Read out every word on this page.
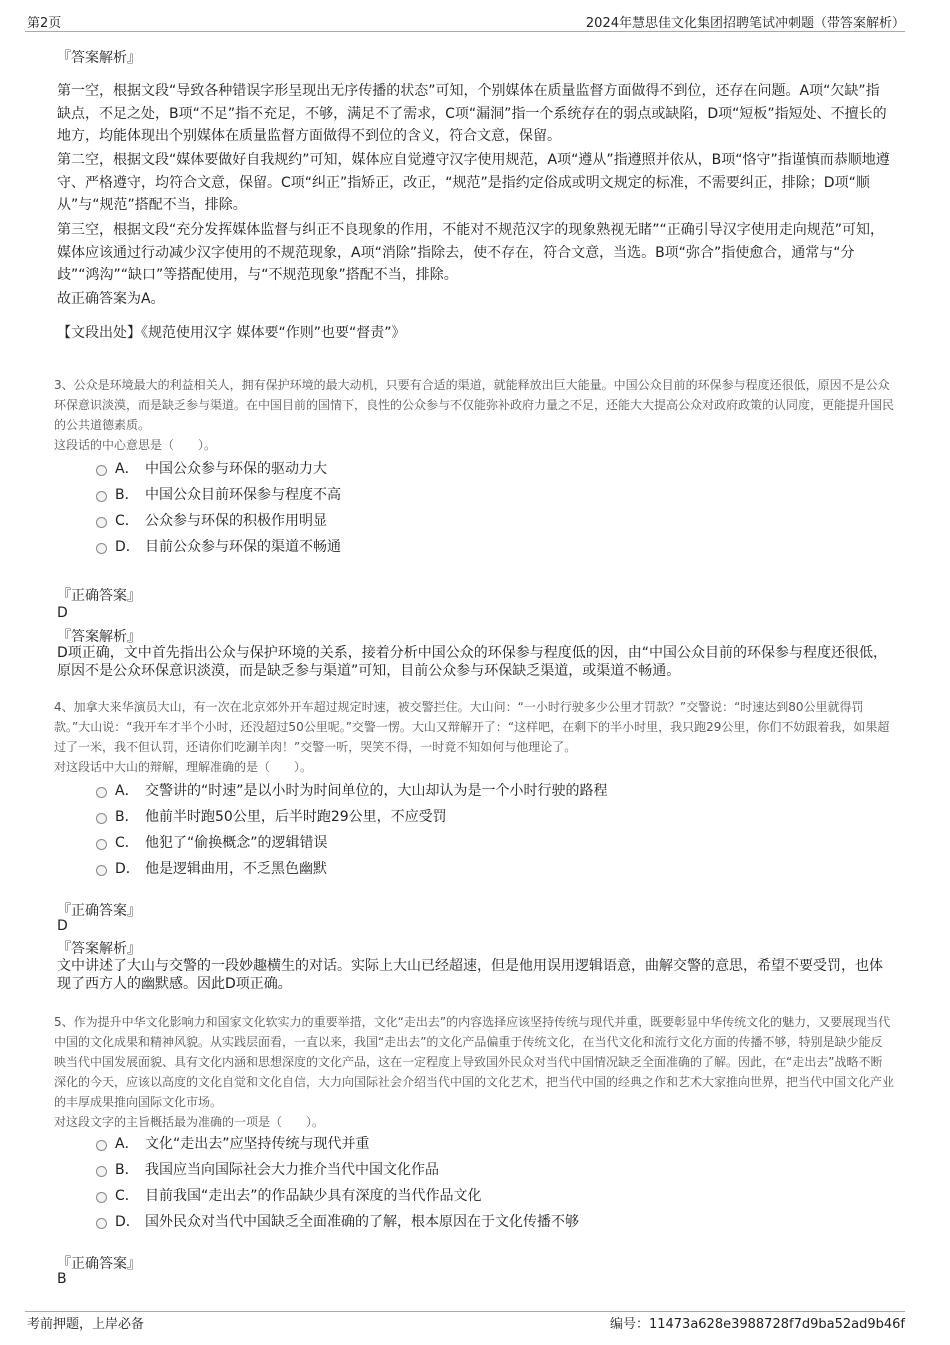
第2页	2024年慧思佳文化集团招聘笔试冲刺题（带答案解析）
『答案解析』
第一空，根据文段“导致各种错误字形呈现出无序传播的状态”可知，个别媒体在质量监督方面做得不到位，还存在问题。A项“欠缺”指缺点，不足之处，B项“不足”指不充足，不够，满足不了需求，C项“漏洞”指一个系统存在的弱点或缺陷，D项“短板”指短处、不擅长的地方，均能体现出个别媒体在质量监督方面做得不到位的含义，符合文意，保留。
第二空，根据文段“媒体要做好自我规约”可知，媒体应自觉遵守汉字使用规范，A项“遵从”指遵照并依从，B项“恪守”指谨慎而恭顺地遵守、严格遵守，均符合文意，保留。C项“纠正”指矫正，改正，“规范”是指约定俗成或明文规定的标准，不需要纠正，排除；D项“顺从”与“规范”搭配不当，排除。
第三空，根据文段“充分发挥媒体监督与纠正不良现象的作用，不能对不规范汉字的现象熟视无睹”“正确引导汉字使用走向规范”可知，媒体应该通过行动减少汉字使用的不规范现象，A项“消除”指除去，使不存在，符合文意，当选。B项“弥合”指使愈合，通常与“分歧”“鸿沟”“缺口”等搭配使用，与“不规范现象”搭配不当，排除。
故正确答案为A。
【文段出处】《规范使用汉字 媒体要“作则”也要“督责”》
3、公众是环境最大的利益相关人，拥有保护环境的最大动机，只要有合适的渠道，就能释放出巨大能量。中国公众目前的环保参与程度还很低，原因不是公众环保意识淡漠，而是缺乏参与渠道。在中国目前的国情下，良性的公众参与不仅能弥补政府力量之不足，还能大大提高公众对政府政策的认同度，更能提升国民的公共道德素质。
这段话的中心意思是（　　）。
A． 中国公众参与环保的驱动力大
B． 中国公众目前环保参与程度不高
C． 公众参与环保的积极作用明显
D． 目前公众参与环保的渠道不畅通
『正确答案』
D
『答案解析』
D项正确，文中首先指出公众与保护环境的关系，接着分析中国公众的环保参与程度低的因，由“中国公众目前的环保参与程度还很低，原因不是公众环保意识淡漠，而是缺乏参与渠道”可知，目前公众参与环保缺乏渠道，或渠道不畅通。
4、加拿大来华演员大山，有一次在北京郊外开车超过规定时速，被交警拦住。大山问：“一小时行驶多少公里才罚款？”交警说：“时速达到80公里就得罚款。”大山说：“我开车才半个小时，还没超过50公里呢。”交警一愣。大山又辩解开了：“这样吧，在剩下的半小时里，我只跑29公里，你们不妨跟着我，如果超过了一米，我不但认罚，还请你们吃涮羊肉！”交警一听，哭笑不得，一时竟不知如何与他理论了。
对这段话中大山的辩解，理解准确的是（　　）。
A． 交警讲的“时速”是以小时为时间单位的，大山却认为是一个小时行驶的路程
B． 他前半时跑50公里，后半时跑29公里，不应受罚
C． 他犯了“偷换概念”的逻辑错误
D． 他是逻辑曲用，不乏黑色幽默
『正确答案』
D
『答案解析』
文中讲述了大山与交警的一段妙趣横生的对话。实际上大山已经超速，但是他用误用逻辑语意，曲解交警的意思，希望不要受罚，也体现了西方人的幽默感。因此D项正确。
5、作为提升中华文化影响力和国家文化软实力的重要举措，文化“走出去”的内容选择应该坚持传统与现代并重，既要彰显中华传统文化的魅力，又要展现当代中国的文化成果和精神风貌。从实践层面看，一直以来，我国“走出去”的文化产品偏重于传统文化，在当代文化和流行文化方面的传播不够，特别是缺少能反映当代中国发展面貌、具有文化内涵和思想深度的文化产品，这在一定程度上导致国外民众对当代中国情况缺乏全面准确的了解。因此，在“走出去”战略不断深化的今天，应该以高度的文化自觉和文化自信，大力向国际社会介绍当代中国的文化艺术，把当代中国的经典之作和艺术大家推向世界，把当代中国文化产业的丰厚成果推向国际文化市场。
对这段文字的主旨概括最为准确的一项是（　　）。
A． 文化“走出去”应坚持传统与现代并重
B． 我国应当向国际社会大力推介当代中国文化作品
C． 目前我国“走出去”的作品缺少具有深度的当代作品文化
D． 国外民众对当代中国缺乏全面准确的了解，根本原因在于文化传播不够
『正确答案』
B
考前押题，上岸必备	编号：11473a628e3988728f7d9ba52ad9b46f
